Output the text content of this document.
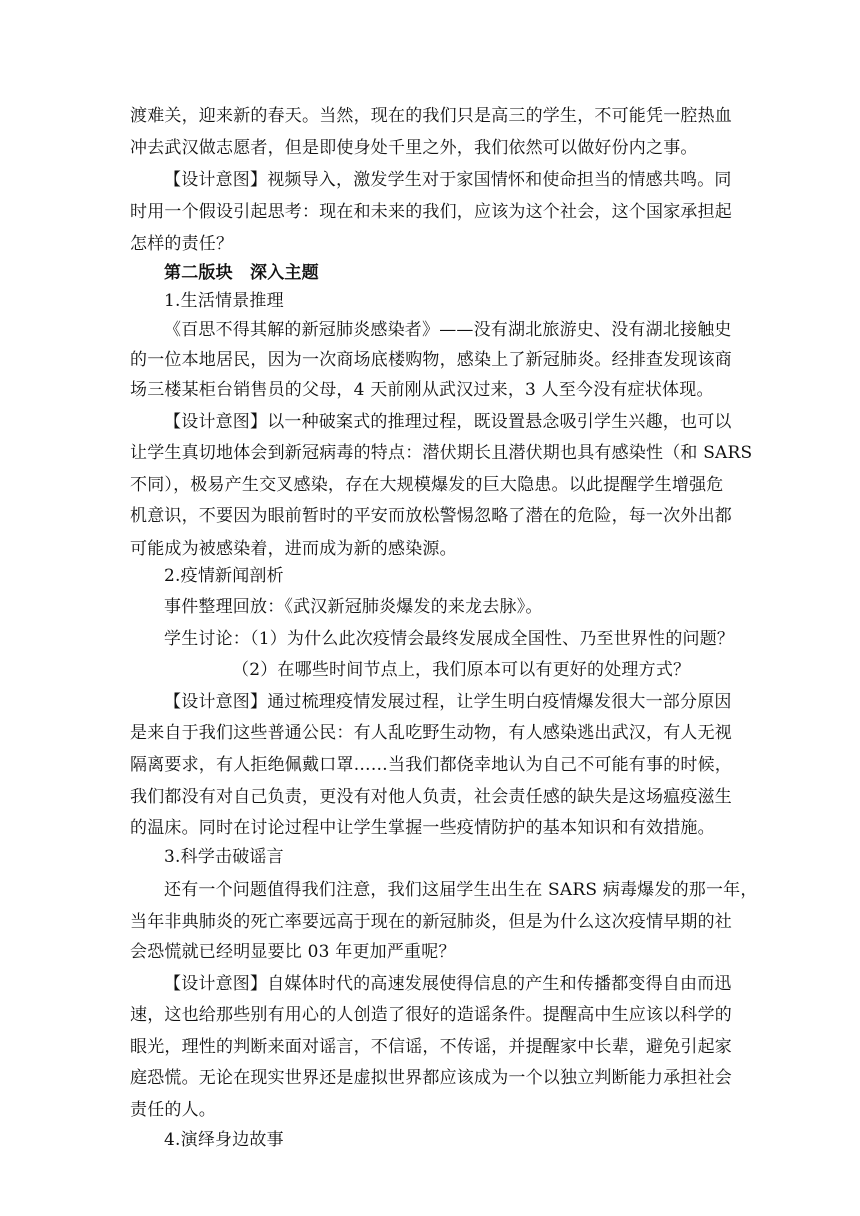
渡难关，迎来新的春天。当然，现在的我们只是高三的学生，不可能凭一腔热血
冲去武汉做志愿者，但是即使身处千里之外，我们依然可以做好份内之事。
【设计意图】视频导入，激发学生对于家国情怀和使命担当的情感共鸣。同
时用一个假设引起思考：现在和未来的我们，应该为这个社会，这个国家承担起
怎样的责任？
第二版块　深入主题
1.生活情景推理
《百思不得其解的新冠肺炎感染者》——没有湖北旅游史、没有湖北接触史
的一位本地居民，因为一次商场底楼购物，感染上了新冠肺炎。经排查发现该商
场三楼某柜台销售员的父母，4 天前刚从武汉过来，3 人至今没有症状体现。
【设计意图】以一种破案式的推理过程，既设置悬念吸引学生兴趣，也可以
让学生真切地体会到新冠病毒的特点：潜伏期长且潜伏期也具有感染性（和 SARS
不同），极易产生交叉感染，存在大规模爆发的巨大隐患。以此提醒学生增强危
机意识，不要因为眼前暂时的平安而放松警惕忽略了潜在的危险，每一次外出都
可能成为被感染着，进而成为新的感染源。
2.疫情新闻剖析
事件整理回放：《武汉新冠肺炎爆发的来龙去脉》。
学生讨论：（1）为什么此次疫情会最终发展成全国性、乃至世界性的问题？
（2）在哪些时间节点上，我们原本可以有更好的处理方式？
【设计意图】通过梳理疫情发展过程，让学生明白疫情爆发很大一部分原因
是来自于我们这些普通公民：有人乱吃野生动物，有人感染逃出武汉，有人无视
隔离要求，有人拒绝佩戴口罩……当我们都侥幸地认为自己不可能有事的时候，
我们都没有对自己负责，更没有对他人负责，社会责任感的缺失是这场瘟疫滋生
的温床。同时在讨论过程中让学生掌握一些疫情防护的基本知识和有效措施。
3.科学击破谣言
还有一个问题值得我们注意，我们这届学生出生在 SARS 病毒爆发的那一年，
当年非典肺炎的死亡率要远高于现在的新冠肺炎，但是为什么这次疫情早期的社
会恐慌就已经明显要比 03 年更加严重呢？
【设计意图】自媒体时代的高速发展使得信息的产生和传播都变得自由而迅
速，这也给那些别有用心的人创造了很好的造谣条件。提醒高中生应该以科学的
眼光，理性的判断来面对谣言，不信谣，不传谣，并提醒家中长辈，避免引起家
庭恐慌。无论在现实世界还是虚拟世界都应该成为一个以独立判断能力承担社会
责任的人。
4.演绎身边故事
